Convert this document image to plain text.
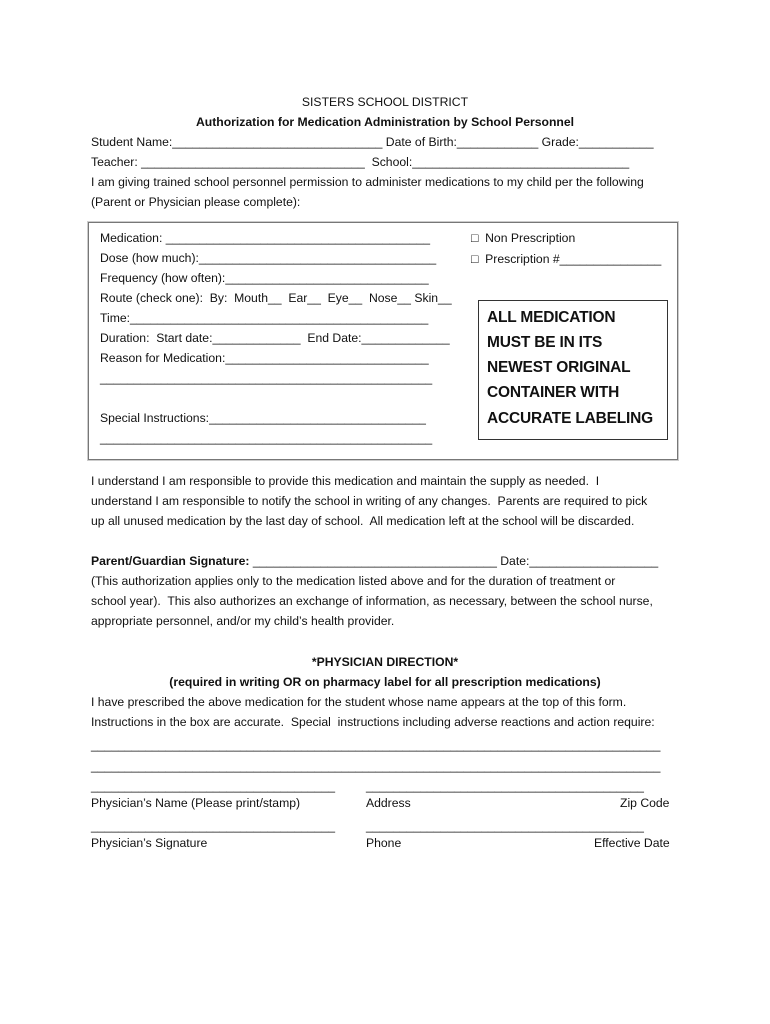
SISTERS SCHOOL DISTRICT
Authorization for Medication Administration by School Personnel
Student Name:_______________________________ Date of Birth:____________ Grade:___________
Teacher: _________________________________  School:________________________________
I am giving trained school personnel permission to administer medications to my child per the following
(Parent or Physician please complete):
Medication: _______________________________________
Dose (how much):___________________________________
Frequency (how often):______________________________
Route (check one):  By:  Mouth__  Ear__  Eye__  Nose__ Skin__
Time:____________________________________________
Duration:  Start date:_____________  End Date:_____________
Reason for Medication:______________________________
_________________________________________________
Special Instructions:________________________________
_________________________________________________
□  Non Prescription
□  Prescription #_______________
ALL MEDICATION
MUST BE IN ITS
NEWEST ORIGINAL
CONTAINER WITH
ACCURATE LABELING
I understand I am responsible to provide this medication and maintain the supply as needed.  I
understand I am responsible to notify the school in writing of any changes.  Parents are required to pick
up all unused medication by the last day of school.  All medication left at the school will be discarded.
Parent/Guardian Signature: ____________________________________ Date:___________________
(This authorization applies only to the medication listed above and for the duration of treatment or
school year).  This also authorizes an exchange of information, as necessary, between the school nurse,
appropriate personnel, and/or my child’s health provider.
*PHYSICIAN DIRECTION*
(required in writing OR on pharmacy label for all prescription medications)
I have prescribed the above medication for the student whose name appears at the top of this form.
Instructions in the box are accurate.  Special  instructions including adverse reactions and action require:
____________________________________________________________________________________
____________________________________________________________________________________
____________________________________	_________________________________________
Physician’s Name (Please print/stamp)	Address	Zip Code
____________________________________	_________________________________________
Physician’s Signature	Phone	Effective Date
